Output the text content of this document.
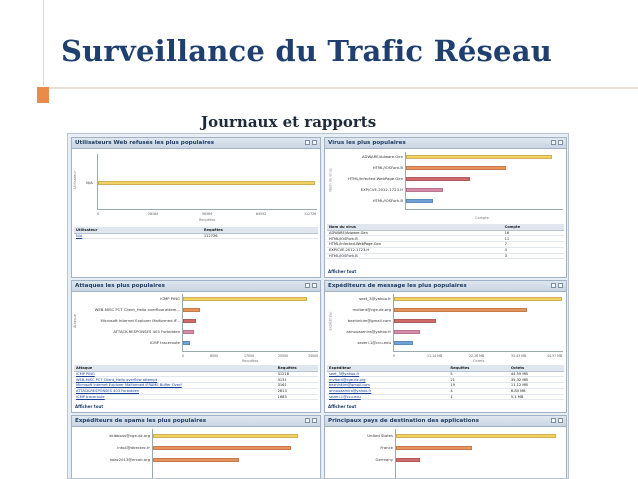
Surveillance du Trafic Réseau
Journaux et rapports
Utilisateurs Web refusés les plus populaires
Utilisateur N/A
0	28184	56364	84552	112726
Requêtes
Utilisateur	Requêtes
N/A	112726
Virus les plus populaires
Nom du virus
ADWARE/Adware.Gen
HTML/IOSFork.B
HTML/Infected.WebPage.Gen
EXP/CVE-2012-1723.H
HTML/IOSFork.B
Compte
Nom du virus	Compte
ADWARE/Adware.Gen	16
HTML/IOSFork.B	11
HTML/Infected.WebPage.Gen	7
EXP/CVE-2012-1723.H	4
HTML/IOSFork.B	3
Afficher tout
Attaques les plus populaires
Attaque
ICMP PING
WEB-MISC PCT Client_Hello overflow attem...
Microsoft Internet Explorer Malformed IF...
ATTACK-RESPONSES 403 Forbidden
ICMP traceroute
0	8500	17000	25500	34000
Requêtes
Attaque	Requêtes
ICMP PING	31218
WEB-MISC PCT Client_Hello overflow attempt	4131
Microsoft Internet Explorer Malformed IFRAME Buffer Overf	3161
ATTACK-RESPONSES 403 Forbidden	2813
ICMP traceroute	1683
Afficher tout
Expéditeurs de message les plus populaires
Expéditeur
seet_3@yahoo.fr
mvitant@cge-dz.org
bezhinkim@gmail.com
annouaamira@yahoo.fr
sezeri.1@ccu.edu
0	11.14 MB	22.28 MB	33.43 MB	44.57 MB
Octets
Expéditeur	Requêtes	Octets
seet_3@yahoo.fr	5	44.59 MB
mvitant@cge-dz.org	21	35.32 MB
bezhinkim@gmail.com	19	11.12 MB
annouaamira@yahoo.fr	4	6.84 MB
sezeri.1@ccu.edu	1	5.1 MB
Afficher tout
Expéditeurs de spams les plus populaires
skibbous@cge-dz.org
info4@directec.fr
hoaz2013@ercoir.org
Principaux pays de destination des applications
United States
France
Germany
